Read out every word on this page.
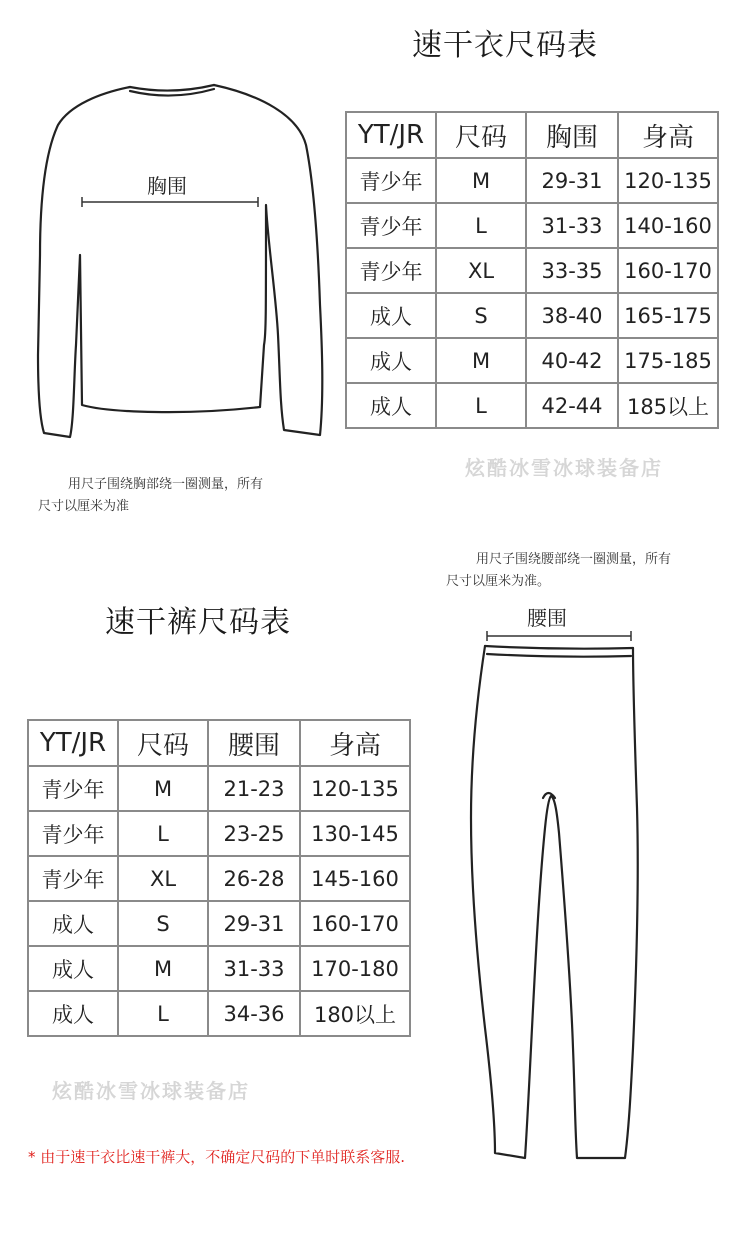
速干衣尺码表
胸围
用尺子围绕胸部绕一圈测量，所有
尺寸以厘米为准
YT/JR	尺码	胸围	身高
青少年	M	29-31	120-135
青少年	L	31-33	140-160
青少年	XL	33-35	160-170
成人	S	38-40	165-175
成人	M	40-42	175-185
成人	L	42-44	185以上
炫酷冰雪冰球装备店
用尺子围绕腰部绕一圈测量，所有
尺寸以厘米为准。
速干裤尺码表	腰围
YT/JR	尺码	腰围	身高
青少年	M	21-23	120-135
青少年	L	23-25	130-145
青少年	XL	26-28	145-160
成人	S	29-31	160-170
成人	M	31-33	170-180
成人	L	34-36	180以上
炫酷冰雪冰球装备店
* 由于速干衣比速干裤大，不确定尺码的下单时联系客服.
